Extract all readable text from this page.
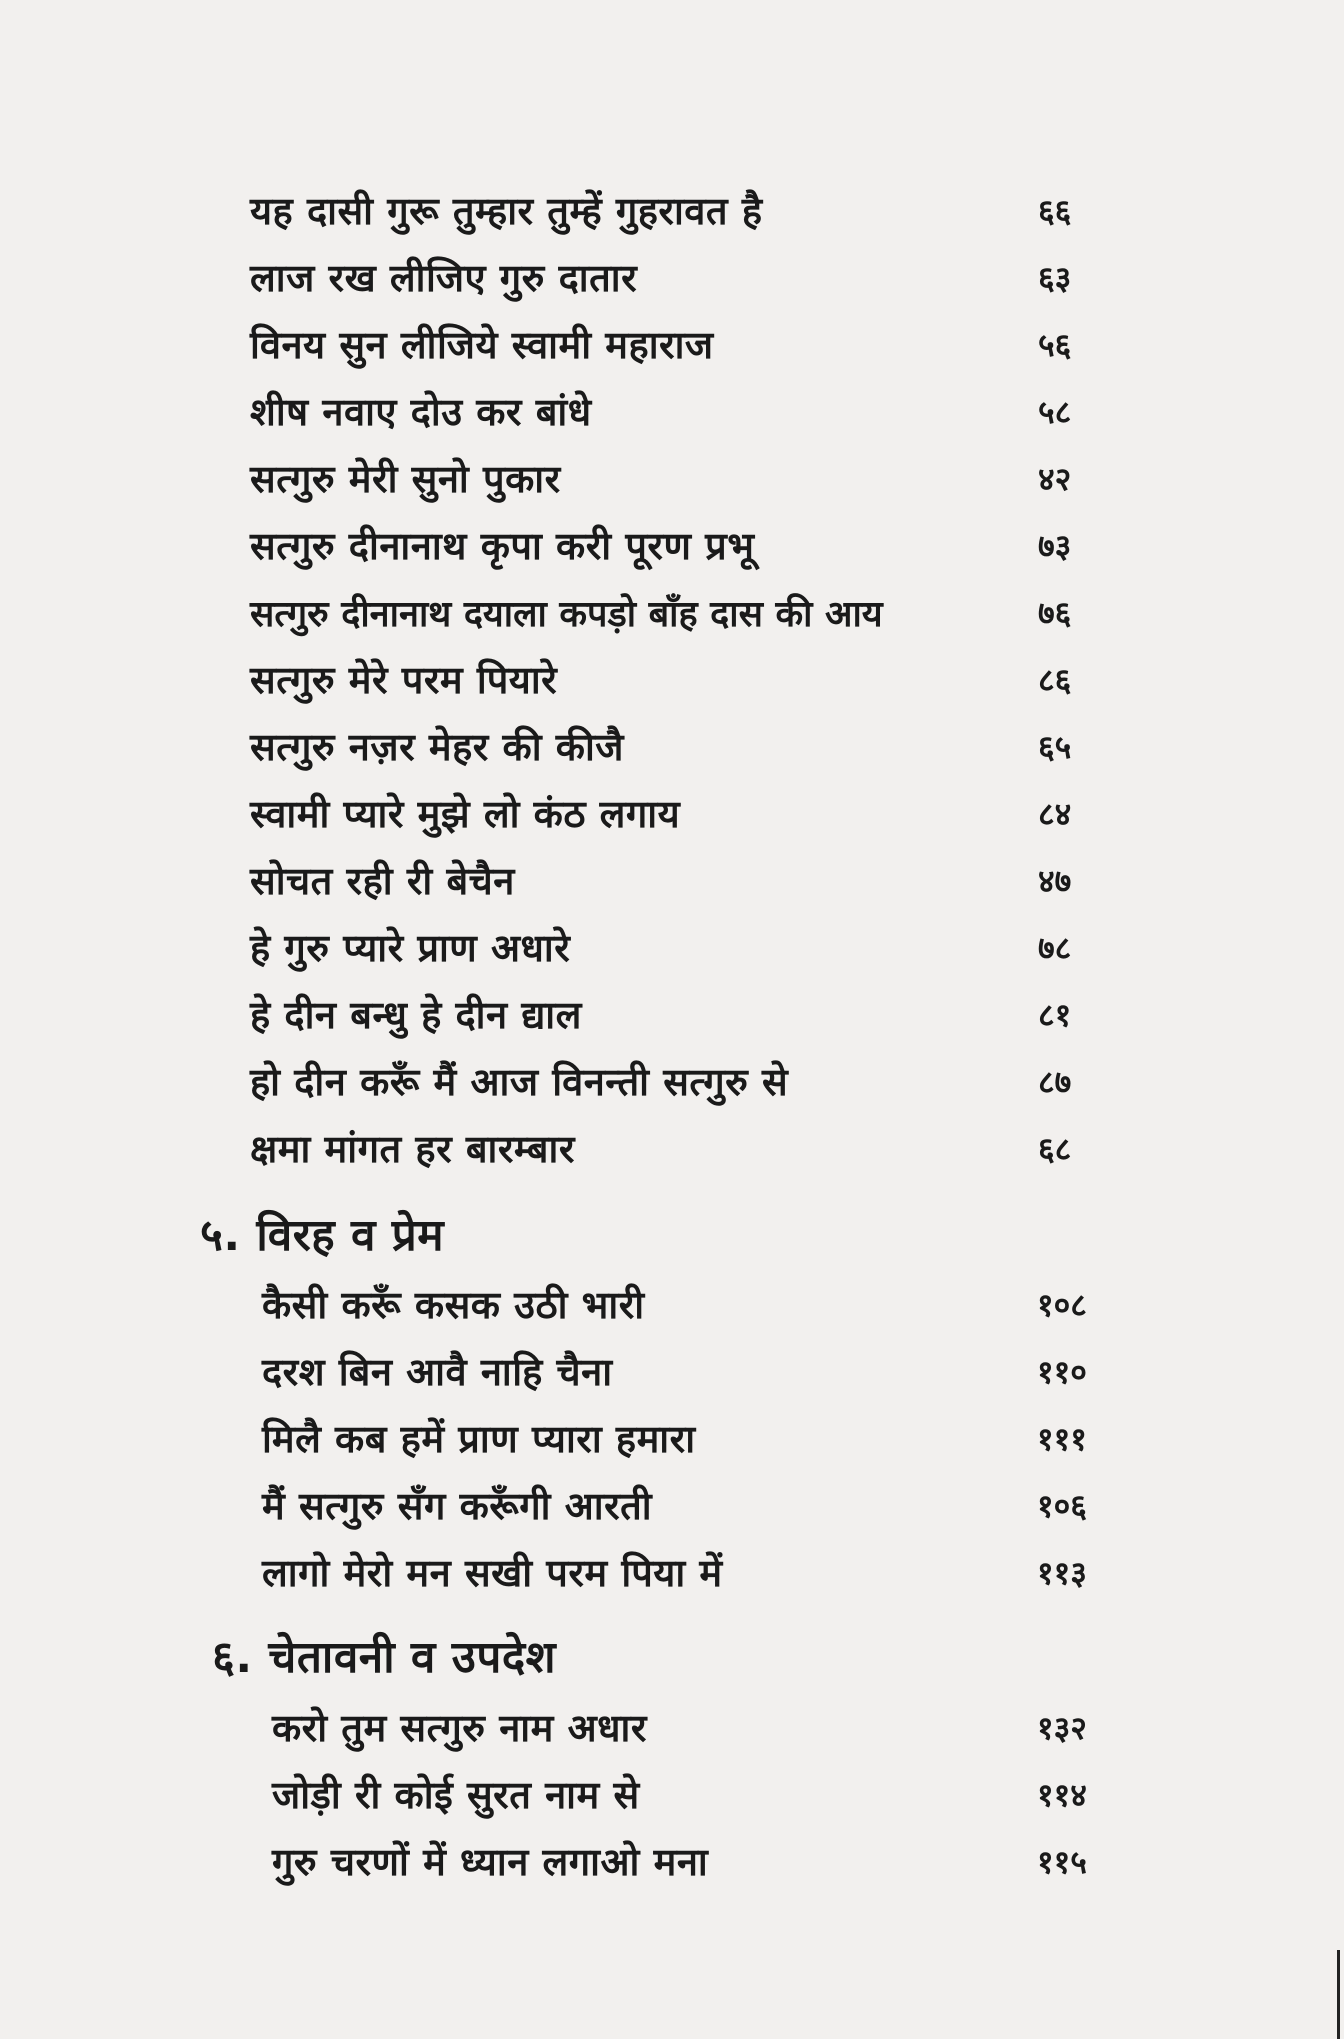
यह दासी गुरू तुम्हार तुम्हें गुहरावत है	६६
लाज रख लीजिए गुरु दातार	६३
विनय सुन लीजिये स्वामी महाराज	५६
शीष नवाए दोउ कर बांधे	५८
सत्गुरु मेरी सुनो पुकार	४२
सत्गुरु दीनानाथ कृपा करी पूरण प्रभू	७३
सत्गुरु दीनानाथ दयाला कपड़ो बाँह दास की आय	७६
सत्गुरु मेरे परम पियारे	८६
सत्गुरु नज़र मेहर की कीजै	६५
स्वामी प्यारे मुझे लो कंठ लगाय	८४
सोचत रही री बेचैन	४७
हे गुरु प्यारे प्राण अधारे	७८
हे दीन बन्धु हे दीन द्याल	८१
हो दीन करूँ मैं आज विनन्ती सत्गुरु से	८७
क्षमा मांगत हर बारम्बार	६८
५. विरह व प्रेम
कैसी करूँ कसक उठी भारी	१०८
दरश बिन आवै नाहि चैना	११०
मिलै कब हमें प्राण प्यारा हमारा	१११
मैं सत्गुरु सँग करूँगी आरती	१०६
लागो मेरो मन सखी परम पिया में	११३
६. चेतावनी व उपदेश
करो तुम सत्गुरु नाम अधार	१३२
जोड़ी री कोई सुरत नाम से	११४
गुरु चरणों में ध्यान लगाओ मना	११५
